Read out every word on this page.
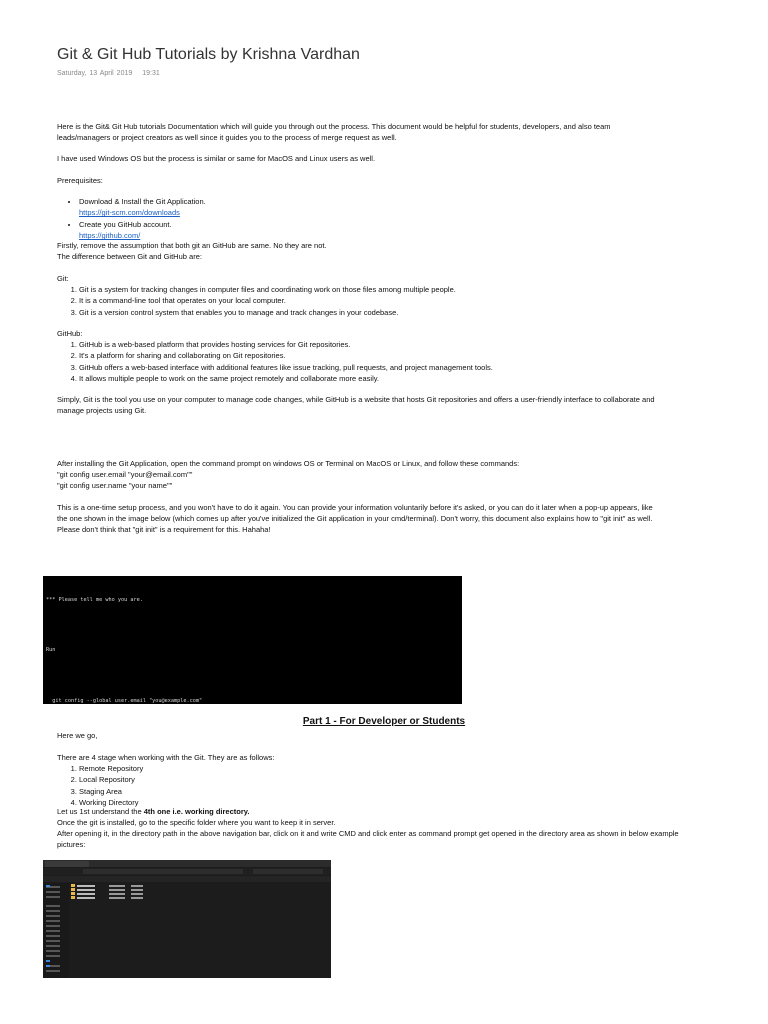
Git & Git Hub Tutorials by Krishna Vardhan
Saturday, 13 April 2019 19:31

Here is the Git& Git Hub tutorials Documentation which will guide you through out the process. This document would be helpful for students, developers, and also team leads/managers or project creators as well since it guides you to the process of merge request as well.

I have used Windows OS but the process is similar or same for MacOS and Linux users as well.

Prerequisites:

• Download & Install the Git Application.
https://git-scm.com/downloads
• Create you GitHub account.
https://github.com/

Firstly, remove the assumption that both git an GitHub are same. No they are not.

The difference between Git and GitHub are:

Git:

1. Git is a system for tracking changes in computer files and coordinating work on those files among multiple people.
2. It is a command-line tool that operates on your local computer.
3. Git is a version control system that enables you to manage and track changes in your codebase.

GitHub:

1. GitHub is a web-based platform that provides hosting services for Git repositories.
2. It's a platform for sharing and collaborating on Git repositories.
3. GitHub offers a web-based interface with additional features like issue tracking, pull requests, and project management tools.
4. It allows multiple people to work on the same project remotely and collaborate more easily.

Simply, Git is the tool you use on your computer to manage code changes, while GitHub is a website that hosts Git repositories and offers a user-friendly interface to collaborate and manage projects using Git.

After installing the Git Application, open the command prompt on windows OS or Terminal on MacOS or Linux, and follow these commands:

"git config user.email "your@email.com""

"git config user.name "your name""

This is a one-time setup process, and you won't have to do it again. You can provide your information voluntarily before it's asked, or you can do it later when a pop-up appears, like the one shown in the image below (which comes up after you've initialized the Git application in your cmd/terminal). Don't worry, this document also explains how to "git init" as well. Please don't think that "git init" is a requirement for this. Hahaha!

*** Please tell me who you are.

Run

git config --global user.email "you@example.com"

Part 1 - For Developer or Students

Here we go,

There are 4 stage when working with the Git. They are as follows:

1. Remote Repository
2. Local Repository
3. Staging Area
4. Working Directory

Let us 1st understand the 4th one i.e. working directory.

Once the git is installed, go to the specific folder where you want to keep it in server.

After opening it, in the directory path in the above navigation bar, click on it and write CMD and click enter as command prompt get opened in the directory area as shown in below example pictures:
